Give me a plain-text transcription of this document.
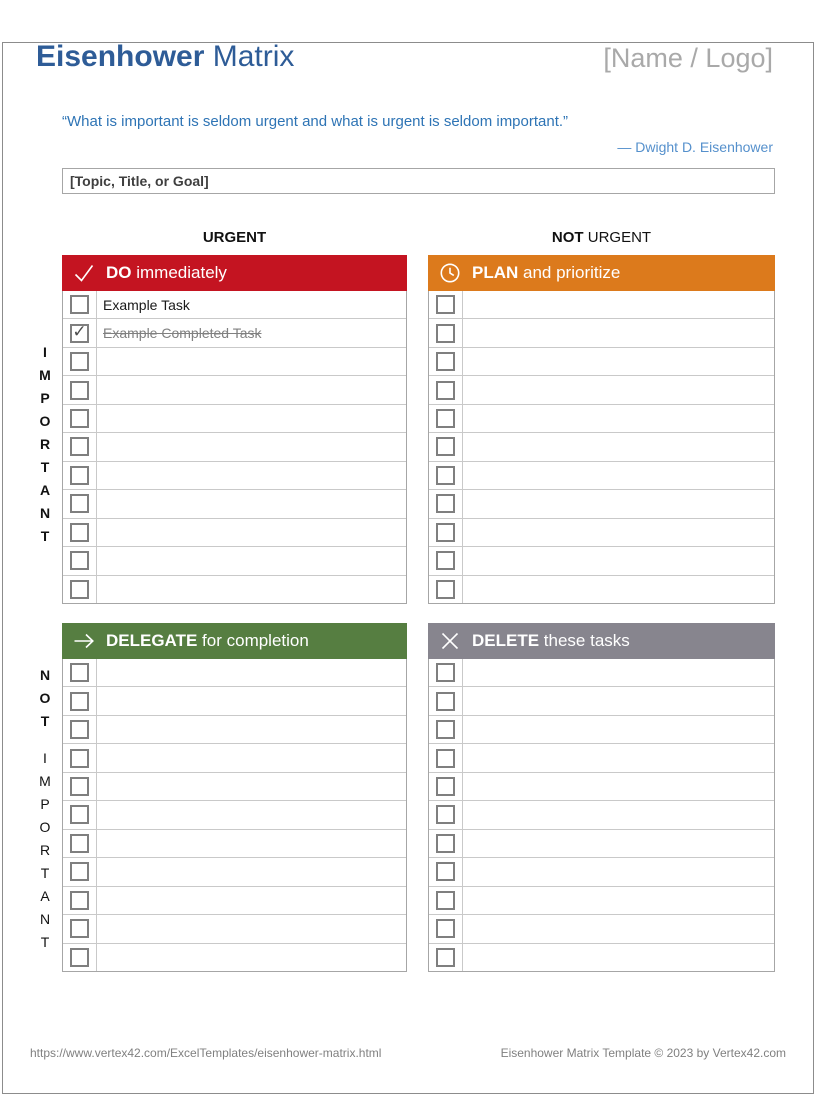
Eisenhower Matrix	[Name / Logo]
“What is important is seldom urgent and what is urgent is seldom important.”
— Dwight D. Eisenhower
[Topic, Title, or Goal]
URGENT	NOT URGENT
IMPORTANT
NOT
IMPORTANT
DO immediately
Example Task
✓	Example Completed Task
PLAN and prioritize
DELEGATE for completion	DELETE these tasks
https://www.vertex42.com/ExcelTemplates/eisenhower-matrix.html	Eisenhower Matrix Template © 2023 by Vertex42.com
